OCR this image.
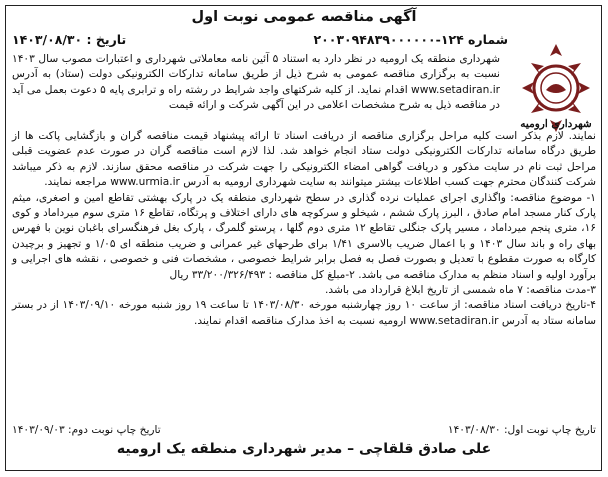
آگهی مناقصه عمومی نوبت اول
شماره ۱۲۴-۲۰۰۳۰۹۴۸۳۹۰۰۰۰۰۰
تاریخ : ۱۴۰۳/۰۸/۳۰
شهرداری ارومیه
شهرداری منطقه یک ارومیه در نظر دارد به استناد ۵ آئین نامه معاملاتی شهرداری و اعتبارات مصوب سال ۱۴۰۳ نسبت به برگزاری مناقصه عمومی به شرح ذیل از طریق سامانه تدارکات الکترونیکی دولت (ستاد) به آدرس www.setadiran.ir اقدام نماید. از کلیه شرکتهای واجد شرایط در رشته راه و ترابری پایه ۵ دعوت بعمل می آید در مناقصه ذیل به شرح مشخصات اعلامی در این آگهی شرکت و ارائه قیمت

نمایند. لازم بذکر است کلیه مراحل برگزاری مناقصه از دریافت اسناد تا ارائه پیشنهاد قیمت مناقصه گران و بازگشایی پاکت ها از طریق درگاه سامانه تدارکات الکترونیکی دولت ستاد انجام خواهد شد. لذا لازم است مناقصه گران در صورت عدم عضویت قبلی مراحل ثبت نام در سایت مذکور و دریافت گواهی امضاء الکترونیکی را جهت شرکت در مناقصه محقق سازند. لازم به ذکر میباشد شرکت کنندگان محترم جهت کسب اطلاعات بیشتر میتوانند به سایت شهرداری ارومیه به آدرس www.urmia.ir مراجعه نمایند.

۱- موضوع مناقصه: واگذاری اجرای عملیات نرده گذاری در سطح شهرداری منطقه یک در پارک بهشتی تقاطع امین و اصغری، میثم پارک کنار مسجد امام صادق ، البرز پارک ششم ، شیخلو و سرکوچه های دارای اختلاف و پرتگاه، تقاطع ۱۶ متری سوم میرداماد و کوی ۱۶، متری پنجم میرداماد ، مسیر پارک جنگلی تقاطع ۱۲ متری دوم گلها ، پرستو گلمرگ ، پارک بغل فرهنگسرای باغبان نوین با فهرس بهای راه و باند سال ۱۴۰۳ و با اعمال ضریب بالاسری ۱/۴۱ برای طرحهای غیر عمرانی و ضریب منطقه ای ۱/۰۵ و تجهیز و برچیدن کارگاه به صورت مقطوع با تعدیل و بصورت فصل به فصل برابر شرایط خصوصی ، مشخصات فنی و خصوصی ، نقشه های اجرایی و برآورد اولیه و اسناد منظم به مدارک مناقصه می باشد. ۲-مبلغ کل مناقصه : ۳۳/۲۰۰/۳۲۶/۴۹۳ ریال

۳-مدت مناقصه: ۷ ماه شمسی از تاریخ ابلاغ قرارداد می باشد.

۴-تاریخ دریافت اسناد مناقصه: از ساعت ۱۰ روز چهارشنبه مورخه ۱۴۰۳/۰۸/۳۰ تا ساعت ۱۹ روز شنبه مورخه ۱۴۰۳/۰۹/۱۰ از در بستر سامانه ستاد به آدرس www.setadiran.ir ارومیه نسبت به اخذ مدارک مناقصه اقدام نمایند.

تاریخ چاپ نوبت اول: ۱۴۰۳/۰۸/۳۰
تاریخ چاپ نوبت دوم: ۱۴۰۳/۰۹/۰۳
علی صادق قلقاچی – مدیر شهرداری منطقه یک ارومیه
